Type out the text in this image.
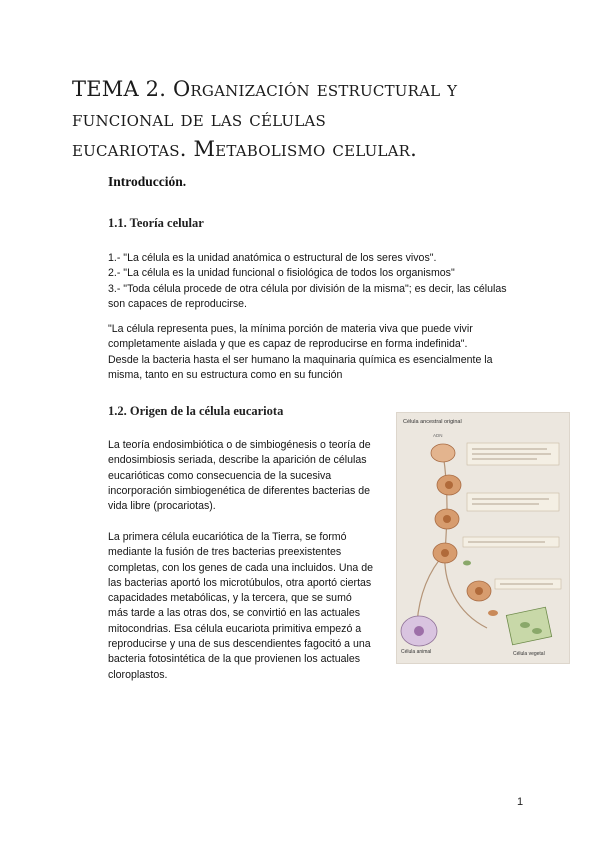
TEMA 2. Organización estructural y funcional de las células
eucariotas. Metabolismo celular.
Introducción.
1.1. Teoría celular

1.- "La célula es la unidad anatómica o estructural de los seres vivos".
2.- "La célula es la unidad funcional o fisiológica de todos los organismos"
3.- "Toda célula procede de otra célula por división de la misma"; es decir, las células
son capaces de reproducirse.

"La célula representa pues, la mínima porción de materia viva que puede vivir
completamente aislada y que es capaz de reproducirse en forma indefinida".
Desde la bacteria hasta el ser humano la maquinaria química es esencialmente la
misma, tanto en su estructura como en su función

1.2. Origen de la célula eucariota

La teoría endosimbiótica o de simbiogénesis o teoría de
endosimbiosis seriada, describe la aparición de células
eucarióticas como consecuencia de la sucesiva
incorporación simbiogenética de diferentes bacterias de
vida libre (procariotas).

La primera célula eucariótica de la Tierra, se formó
mediante la fusión de tres bacterias preexistentes
completas, con los genes de cada una incluidos. Una de
las bacterias aportó los microtúbulos, otra aportó ciertas
capacidades metabólicas, y la tercera, que se sumó
más tarde a las otras dos, se convirtió en las actuales
mitocondrias. Esa célula eucariota primitiva empezó a
reproducirse y una de sus descendientes fagocitó a una
bacteria fotosintética de la que provienen los actuales
cloroplastos.

Célula ancestral original
ADN
Célula animal	Célula vegetal
1
